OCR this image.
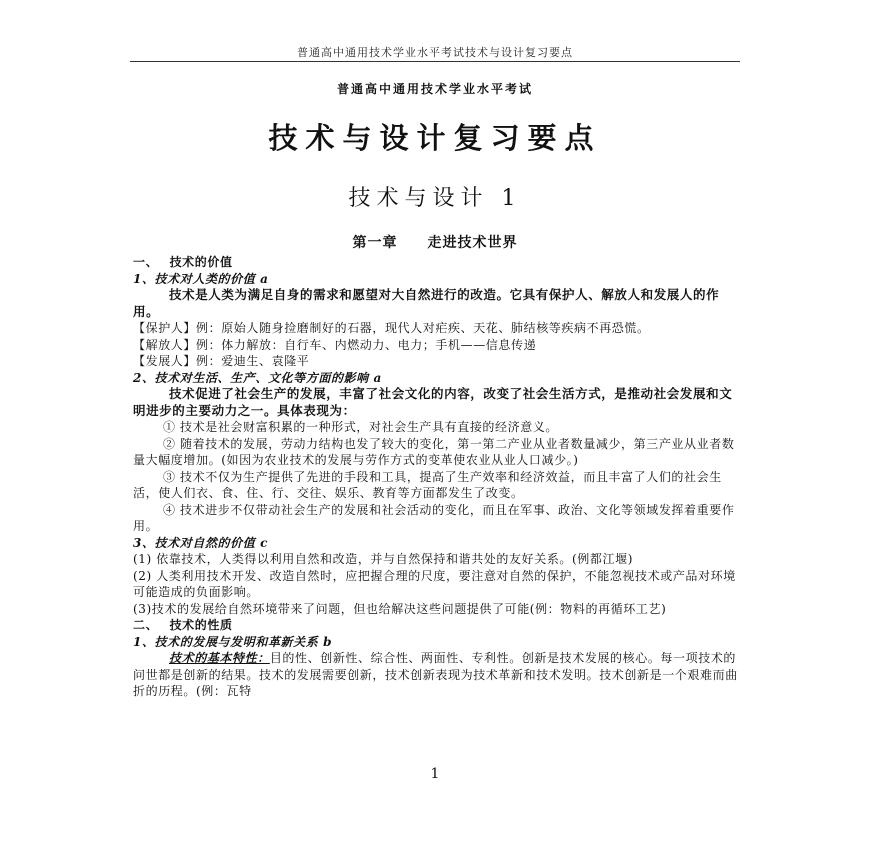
普通高中通用技术学业水平考试技术与设计复习要点
普通高中通用技术学业水平考试
技术与设计复习要点
技术与设计 1
第一章　　走进技术世界

一、　 技术的价值

1、技术对人类的价值 a

技术是人类为满足自身的需求和愿望对大自然进行的改造。它具有保护人、解放人和发展人的作用。

【保护人】例：原始人随身捡磨制好的石器，现代人对疟疾、天花、肺结核等疾病不再恐慌。

【解放人】例：体力解放：自行车、内燃动力、电力；手机——信息传递

【发展人】例：爱迪生、袁隆平

2、技术对生活、生产、文化等方面的影响 a

技术促进了社会生产的发展，丰富了社会文化的内容，改变了社会生活方式，是推动社会发展和文明进步的主要动力之一。具体表现为：

① 技术是社会财富积累的一种形式，对社会生产具有直接的经济意义。

② 随着技术的发展，劳动力结构也发了较大的变化，第一第二产业从业者数量减少，第三产业从业者数量大幅度增加。(如因为农业技术的发展与劳作方式的变革使农业从业人口减少。)

③ 技术不仅为生产提供了先进的手段和工具，提高了生产效率和经济效益，而且丰富了人们的社会生活，使人们衣、食、住、行、交往、娱乐、教育等方面都发生了改变。

④ 技术进步不仅带动社会生产的发展和社会活动的变化，而且在军事、政治、文化等领域发挥着重要作用。

3、技术对自然的价值 c

(1) 依靠技术，人类得以利用自然和改造，并与自然保持和谐共处的友好关系。(例都江堰)

(2) 人类利用技术开发、改造自然时，应把握合理的尺度，要注意对自然的保护，不能忽视技术或产品对环境可能造成的负面影响。

(3)技术的发展给自然环境带来了问题，但也给解决这些问题提供了可能(例：物料的再循环工艺)

二、　 技术的性质

1、技术的发展与发明和革新关系 b

技术的基本特性：目的性、创新性、综合性、两面性、专利性。创新是技术发展的核心。每一项技术的问世都是创新的结果。技术的发展需要创新，技术创新表现为技术革新和技术发明。技术创新是一个艰难而曲折的历程。(例：瓦特

1
